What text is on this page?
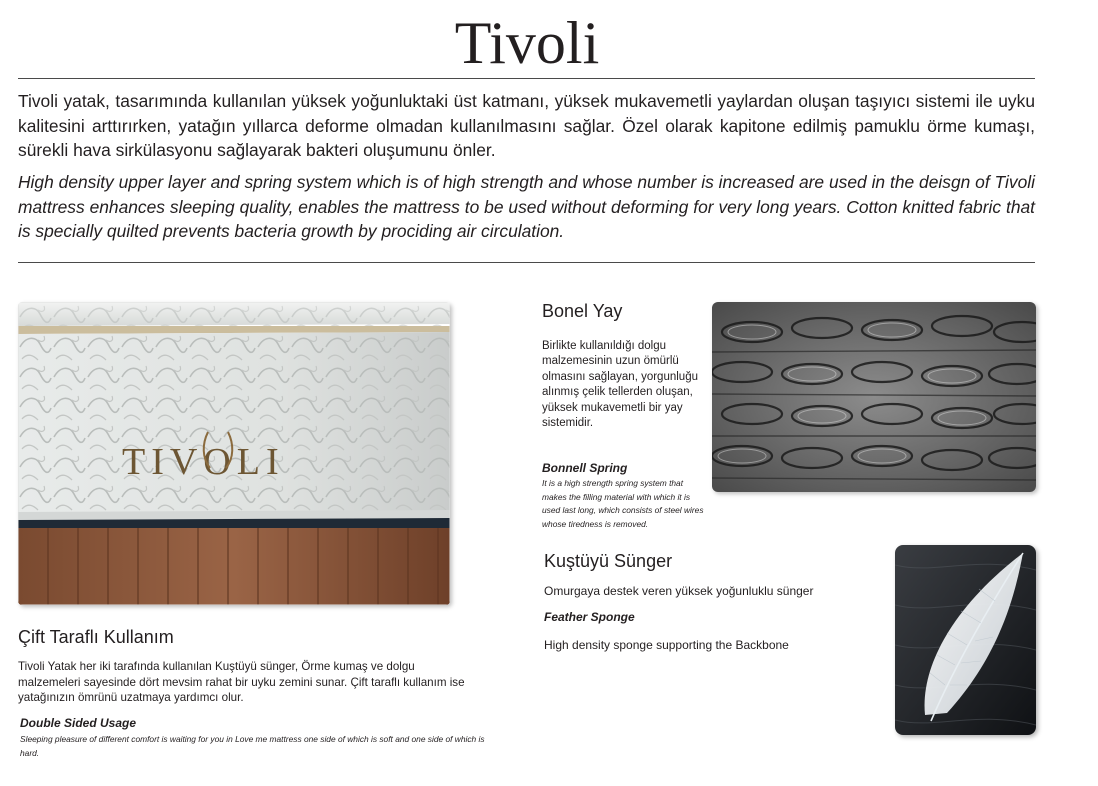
Tivoli

Tivoli yatak, tasarımında kullanılan yüksek yoğunluktaki üst katmanı, yüksek mukavemetli yaylardan oluşan taşıyıcı sistemi ile uyku kalitesini arttırırken, yatağın yıllarca deforme olmadan kullanılmasını sağlar. Özel olarak kapitone edilmiş pamuklu örme kumaşı, sürekli hava sirkülasyonu sağlayarak bakteri oluşumunu önler.

High density upper layer and spring system which is of high strength and whose number is increased are used in the deisgn of Tivoli mattress enhances sleeping quality, enables the mattress to be used without deforming for very long years. Cotton knitted fabric that is specially quilted prevents bacteria growth by prociding air circulation.

TIVOLI
Bonel Yay

Birlikte kullanıldığı dolgu malzemesinin uzun ömürlü olmasını sağlayan, yorgunluğu alınmış çelik tellerden oluşan, yüksek mukavemetli bir yay sistemidir.

Bonnell Spring

It is a high strength spring system that makes the filling material with which it is used last long, which consists of steel wires whose tiredness is removed.

Kuştüyü Sünger

Omurgaya destek veren yüksek yoğunluklu sünger

Feather Sponge

High density sponge supporting the Backbone

Çift Taraflı Kullanım

Tivoli Yatak her iki tarafında kullanılan Kuştüyü sünger, Örme kumaş ve dolgu malzemeleri sayesinde dört mevsim rahat bir uyku zemini sunar. Çift taraflı kullanım ise yatağınızın ömrünü uzatmaya yardımcı olur.

Double Sided Usage

Sleeping pleasure of different comfort is waiting for you in Love me mattress one side of which is soft and one side of which is hard.
